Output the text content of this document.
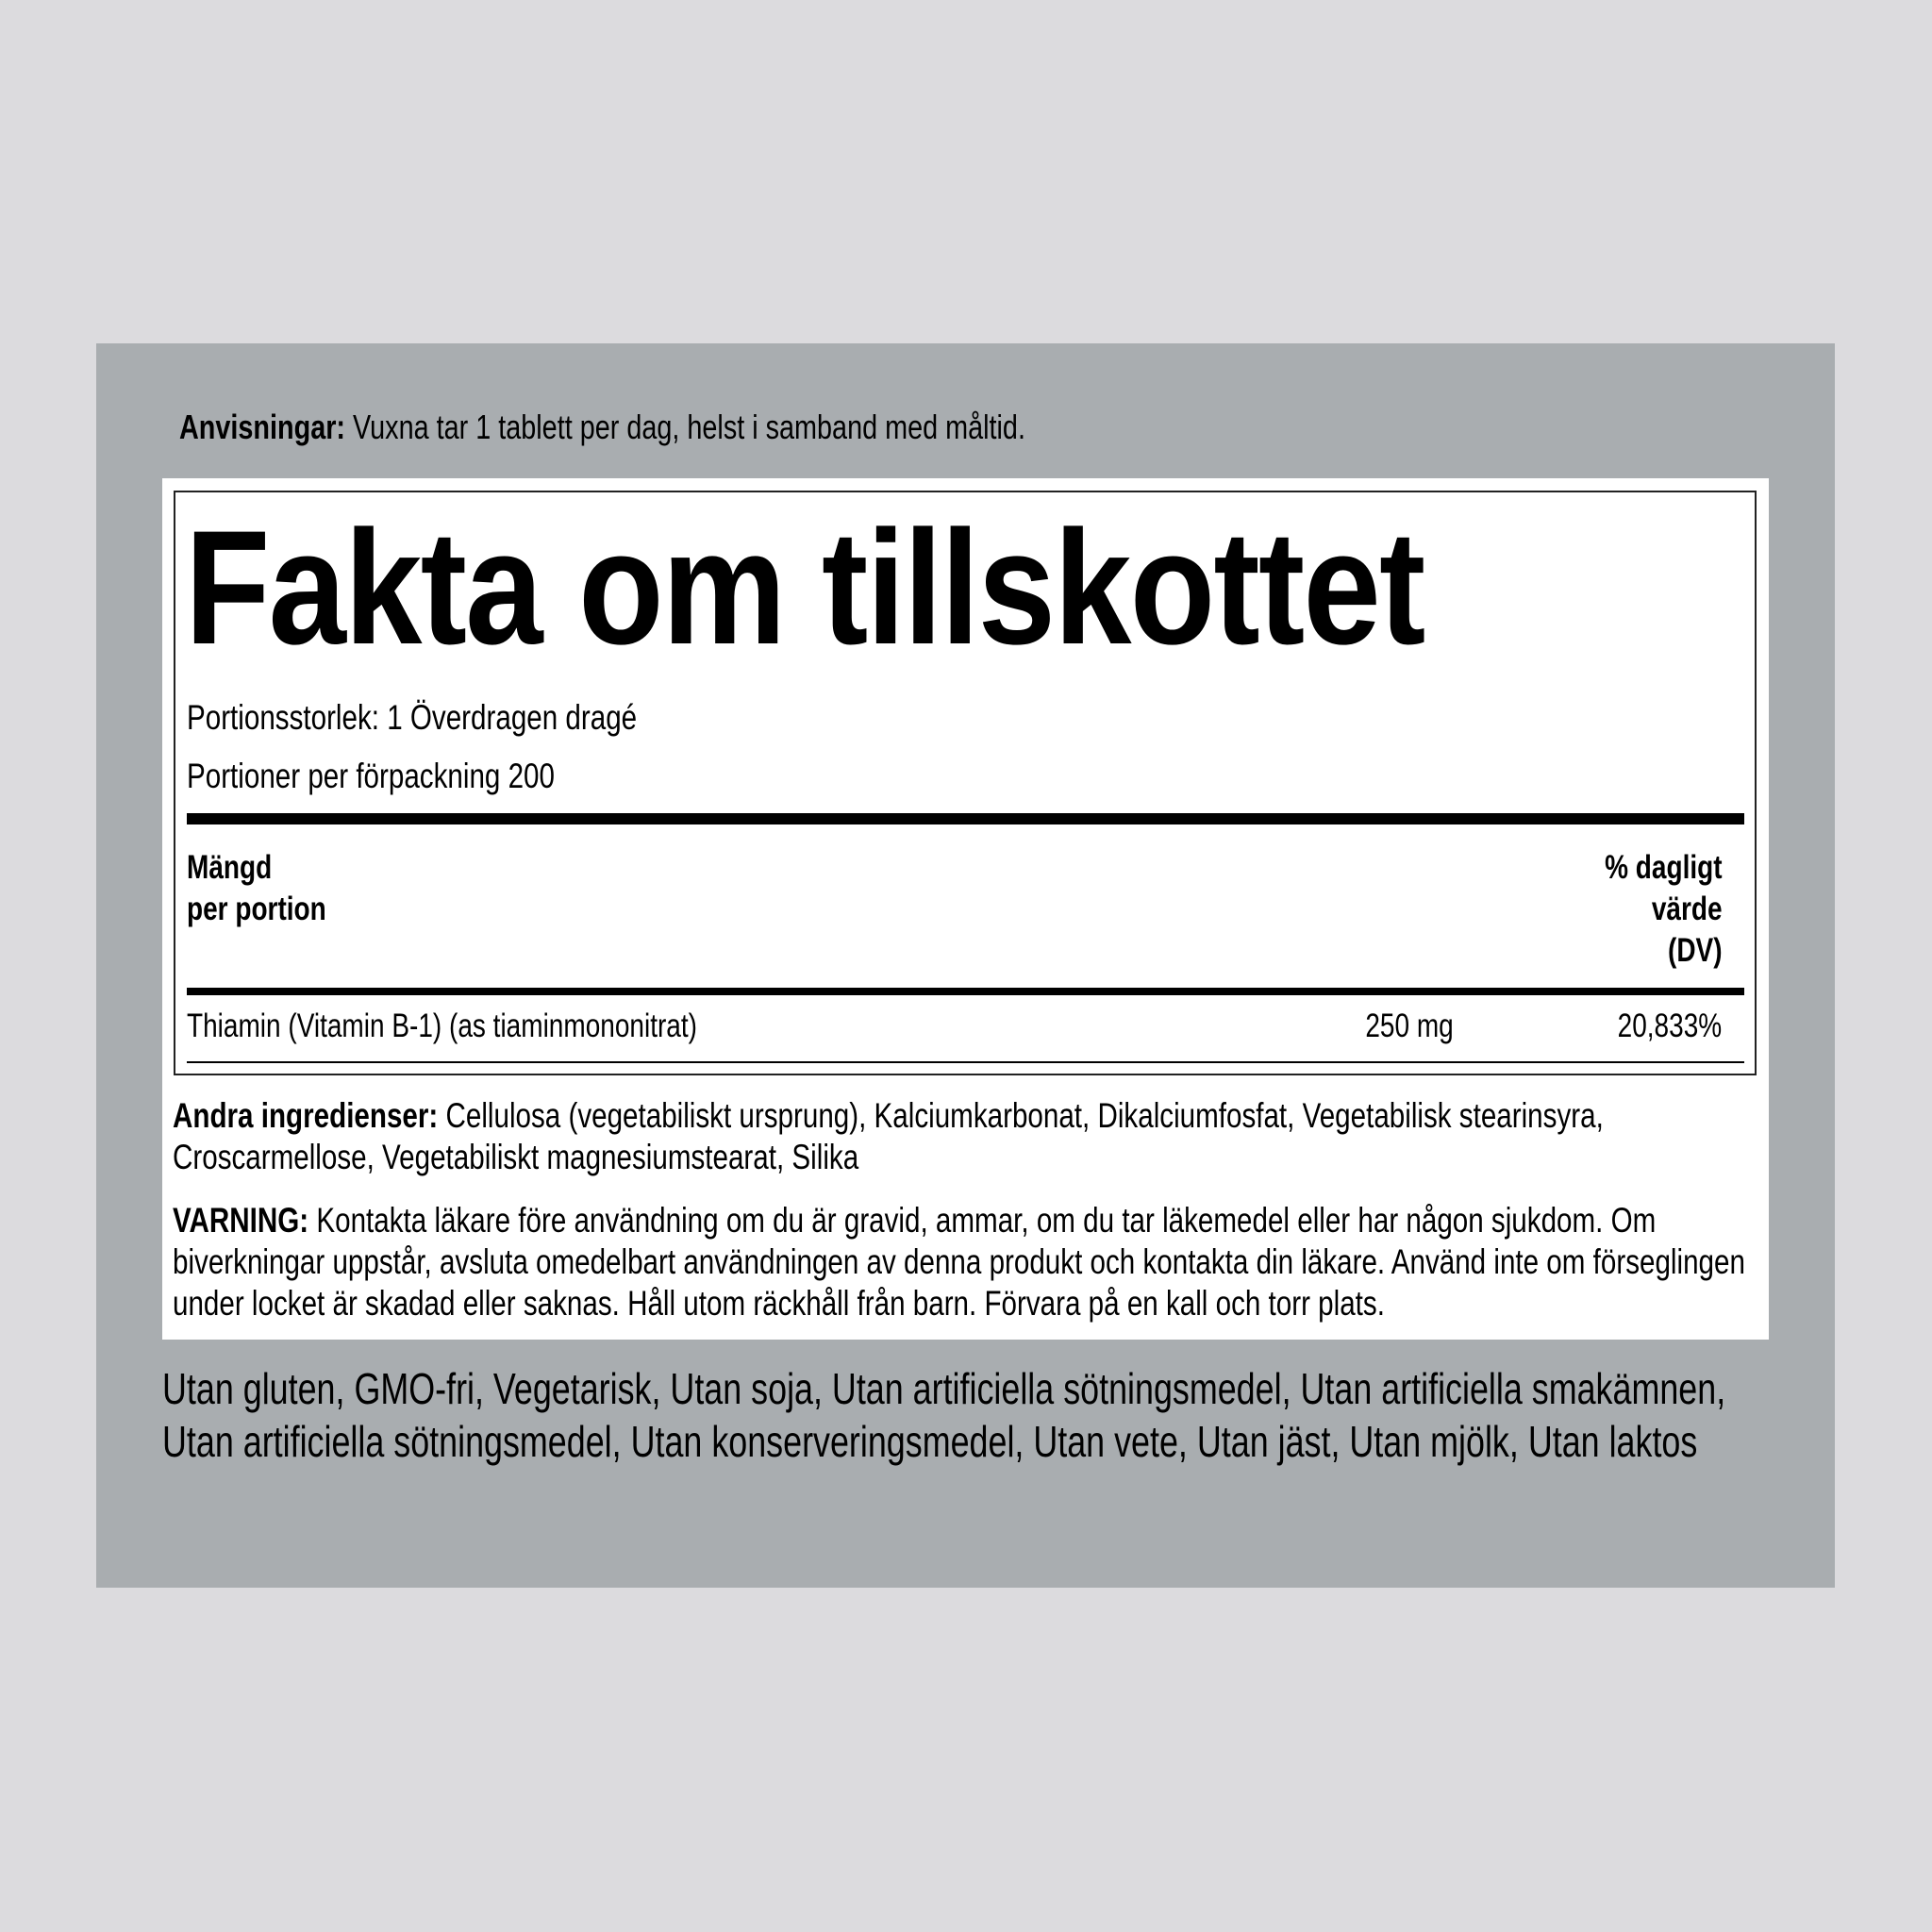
Anvisningar: Vuxna tar 1 tablett per dag, helst i samband med måltid.
Fakta om tillskottet
Portionsstorlek: 1 Överdragen dragé
Portioner per förpackning 200
Mängd
per portion
% dagligt
värde
(DV)
Thiamin (Vitamin B-1) (as tiaminmononitrat)	250 mg	20,833%
Andra ingredienser: Cellulosa (vegetabiliskt ursprung), Kalciumkarbonat, Dikalciumfosfat, Vegetabilisk stearinsyra, Croscarmellose, Vegetabiliskt magnesiumstearat, Silika
VARNING: Kontakta läkare före användning om du är gravid, ammar, om du tar läkemedel eller har någon sjukdom. Om biverkningar uppstår, avsluta omedelbart användningen av denna produkt och kontakta din läkare. Använd inte om förseglingen under locket är skadad eller saknas. Håll utom räckhåll från barn. Förvara på en kall och torr plats.
Utan gluten, GMO-fri, Vegetarisk, Utan soja, Utan artificiella sötningsmedel, Utan artificiella smakämnen, Utan artificiella sötningsmedel, Utan konserveringsmedel, Utan vete, Utan jäst, Utan mjölk, Utan laktos
